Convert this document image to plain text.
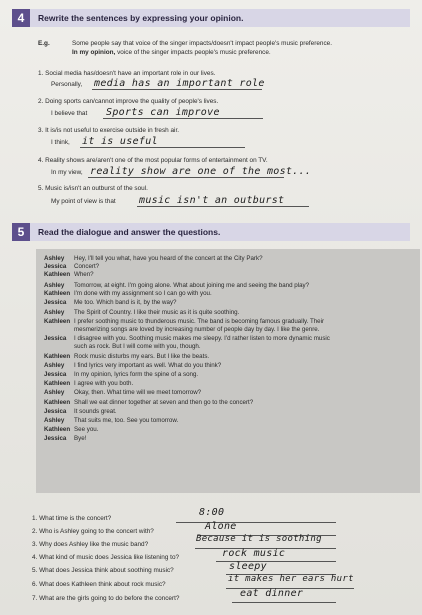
4	Rewrite the sentences by expressing your opinion.
E.g.	Some people say that voice of the singer impacts/doesn't impact people's music preference.
In my opinion, voice of the singer impacts people's music preference.
1. Social media has/doesn't have an important role in our lives.
Personally, media has an important role
2. Doing sports can/cannot improve the quality of people's lives.
I believe that Sports can improve
3. It is/is not useful to exercise outside in fresh air.
I think, it is useful
4. Reality shows are/aren't one of the most popular forms of entertainment on TV.
In my view, reality show are one of the most...
5. Music is/isn't an outburst of the soul.
My point of view is that music isn't an outburst
5	Read the dialogue and answer the questions.
Ashley Hey, I'll tell you what, have you heard of the concert at the City Park?
Jessica Concert?
Kathleen When?
Ashley Tomorrow, at eight. I'm going alone. What about joining me and seeing the band play?
Kathleen I'm done with my assignment so I can go with you.
Jessica Me too. Which band is it, by the way?
Ashley The Spirit of Country. I like their music as it is quite soothing.
Kathleen I prefer soothing music to thunderous music. The band is becoming famous gradually. Their
mesmerizing songs are loved by increasing number of people day by day. I like the genre.
Jessica I disagree with you. Soothing music makes me sleepy. I'd rather listen to more dynamic music
such as rock. But I will come with you, though.
Kathleen Rock music disturbs my ears. But I like the beats.
Ashley I find lyrics very important as well. What do you think?
Jessica In my opinion, lyrics form the spine of a song.
Kathleen I agree with you both.
Ashley Okay, then. What time will we meet tomorrow?
Kathleen Shall we eat dinner together at seven and then go to the concert?
Jessica It sounds great.
Ashley That suits me, too. See you tomorrow.
Kathleen See you.
Jessica Bye!
1. What time is the concert?
8:00
2. Who is Ashley going to the concert with?	Alone
3. Why does Ashley like the music band?
Because it is soothing
4. What kind of music does Jessica like listening to?	rock music
5. What does Jessica think about soothing music?	sleepy
6. What does Kathleen think about rock music?
it makes her ears hurt
7. What are the girls going to do before the concert?	eat dinner
